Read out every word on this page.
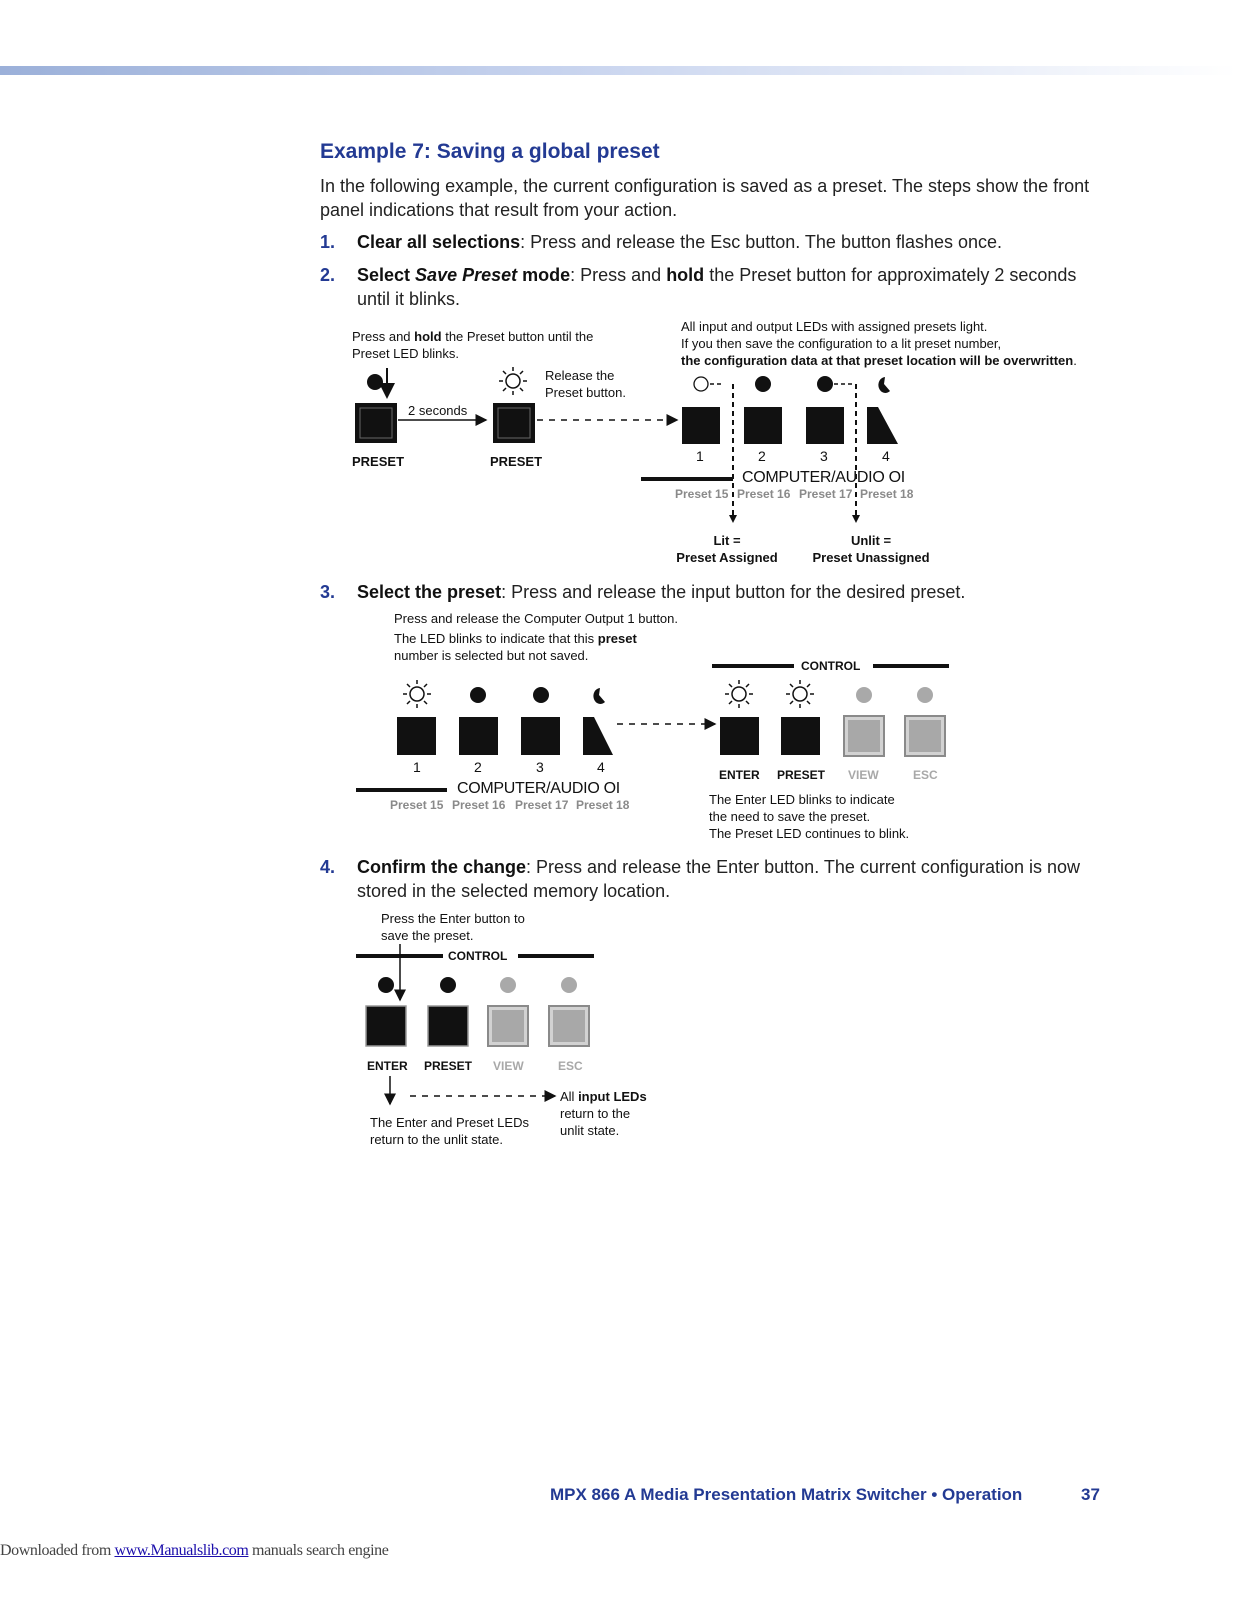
Example 7: Saving a global preset
In the following example, the current configuration is saved as a preset. The steps show the front panel indications that result from your action.
1. Clear all selections: Press and release the Esc button. The button flashes once.
2. Select Save Preset mode: Press and hold the Preset button for approximately 2 seconds until it blinks.
Press and hold the Preset button until the
Preset LED blinks.
Release the
Preset button.
2 seconds
PRESET	PRESET
All input and output LEDs with assigned presets light.
If you then save the configuration to a lit preset number,
the configuration data at that preset location will be overwritten.
1	2	3	4
COMPUTER/AUDIO OI
Preset 15 Preset 16 Preset 17 Preset 18
Lit =
Preset Assigned
Unlit =
Preset Unassigned
3. Select the preset: Press and release the input button for the desired preset.
Press and release the Computer Output 1 button.
The LED blinks to indicate that this preset
number is selected but not saved.
CONTROL
1	2	3	4
COMPUTER/AUDIO OI
Preset 15 Preset 16 Preset 17 Preset 18
ENTER PRESET VIEW	ESC
The Enter LED blinks to indicate
the need to save the preset.
The Preset LED continues to blink.
4. Confirm the change: Press and release the Enter button. The current configuration is now stored in the selected memory location.
Press the Enter button to
save the preset.
CONTROL
ENTER PRESET VIEW	ESC
The Enter and Preset LEDs
return to the unlit state.
All input LEDs
return to the
unlit state.
MPX 866 A Media Presentation Matrix Switcher • Operation	37
Downloaded from www.Manualslib.com manuals search engine
